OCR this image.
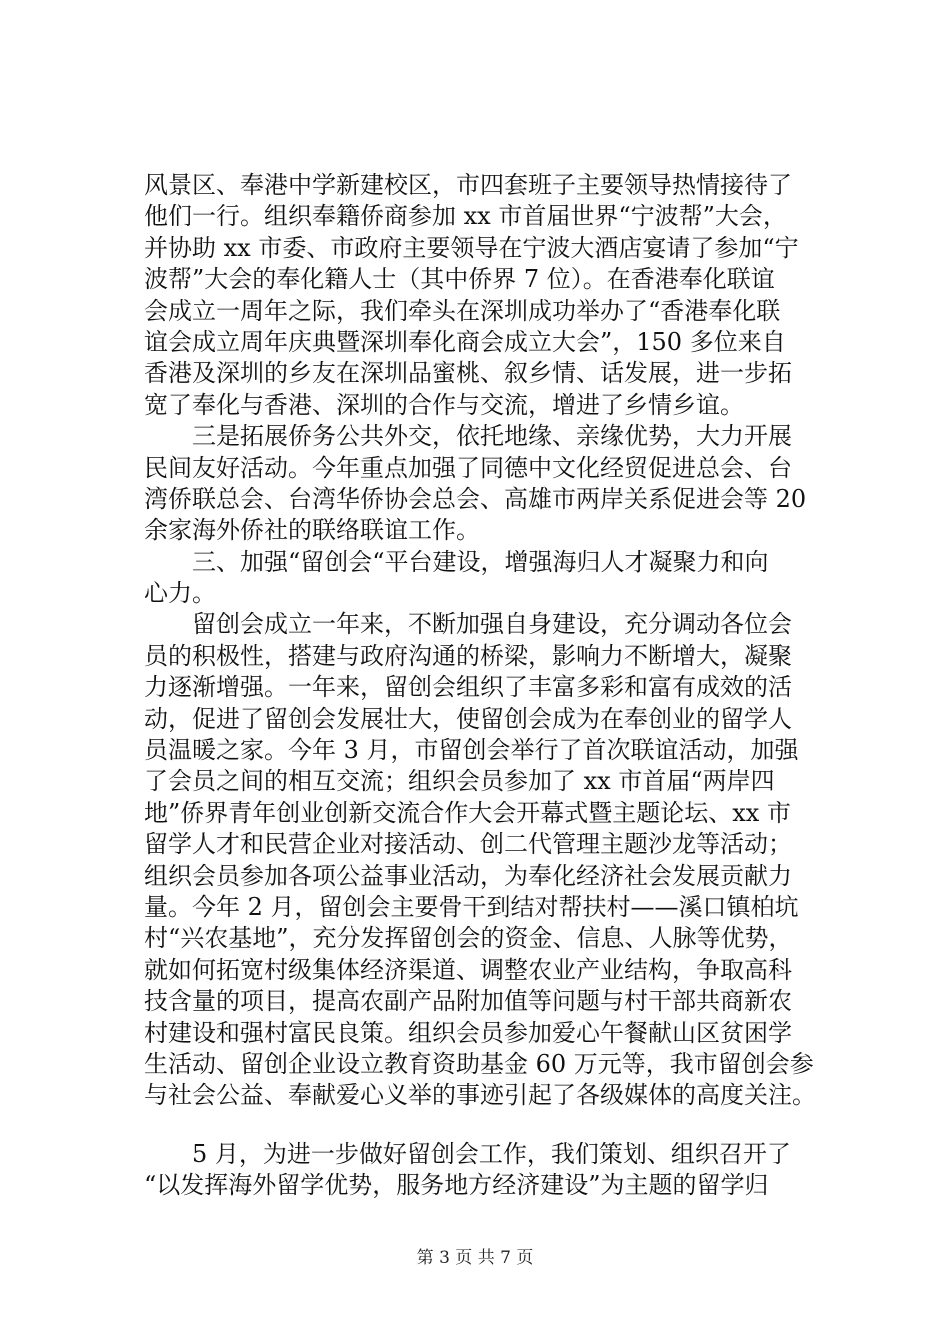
风景区、奉港中学新建校区，市四套班子主要领导热情接待了
他们一行。组织奉籍侨商参加 xx 市首届世界“宁波帮”大会，
并协助 xx 市委、市政府主要领导在宁波大酒店宴请了参加“宁
波帮”大会的奉化籍人士（其中侨界 7 位）。在香港奉化联谊
会成立一周年之际，我们牵头在深圳成功举办了“香港奉化联
谊会成立周年庆典暨深圳奉化商会成立大会”，150 多位来自
香港及深圳的乡友在深圳品蜜桃、叙乡情、话发展，进一步拓
宽了奉化与香港、深圳的合作与交流，增进了乡情乡谊。
　　三是拓展侨务公共外交，依托地缘、亲缘优势，大力开展
民间友好活动。今年重点加强了同德中文化经贸促进总会、台
湾侨联总会、台湾华侨协会总会、高雄市两岸关系促进会等 20
余家海外侨社的联络联谊工作。
　　三、加强“留创会“平台建设，增强海归人才凝聚力和向
心力。
　　留创会成立一年来，不断加强自身建设，充分调动各位会
员的积极性，搭建与政府沟通的桥梁，影响力不断增大，凝聚
力逐渐增强。一年来，留创会组织了丰富多彩和富有成效的活
动，促进了留创会发展壮大，使留创会成为在奉创业的留学人
员温暖之家。今年 3 月，市留创会举行了首次联谊活动，加强
了会员之间的相互交流；组织会员参加了 xx 市首届“两岸四
地”侨界青年创业创新交流合作大会开幕式暨主题论坛、xx 市
留学人才和民营企业对接活动、创二代管理主题沙龙等活动；
组织会员参加各项公益事业活动，为奉化经济社会发展贡献力
量。今年 2 月，留创会主要骨干到结对帮扶村——溪口镇柏坑
村“兴农基地”，充分发挥留创会的资金、信息、人脉等优势，
就如何拓宽村级集体经济渠道、调整农业产业结构，争取高科
技含量的项目，提高农副产品附加值等问题与村干部共商新农
村建设和强村富民良策。组织会员参加爱心午餐献山区贫困学
生活动、留创企业设立教育资助基金 60 万元等，我市留创会参
与社会公益、奉献爱心义举的事迹引起了各级媒体的高度关注。
　　5 月，为进一步做好留创会工作，我们策划、组织召开了
“以发挥海外留学优势，服务地方经济建设”为主题的留学归
第 3 页 共 7 页
